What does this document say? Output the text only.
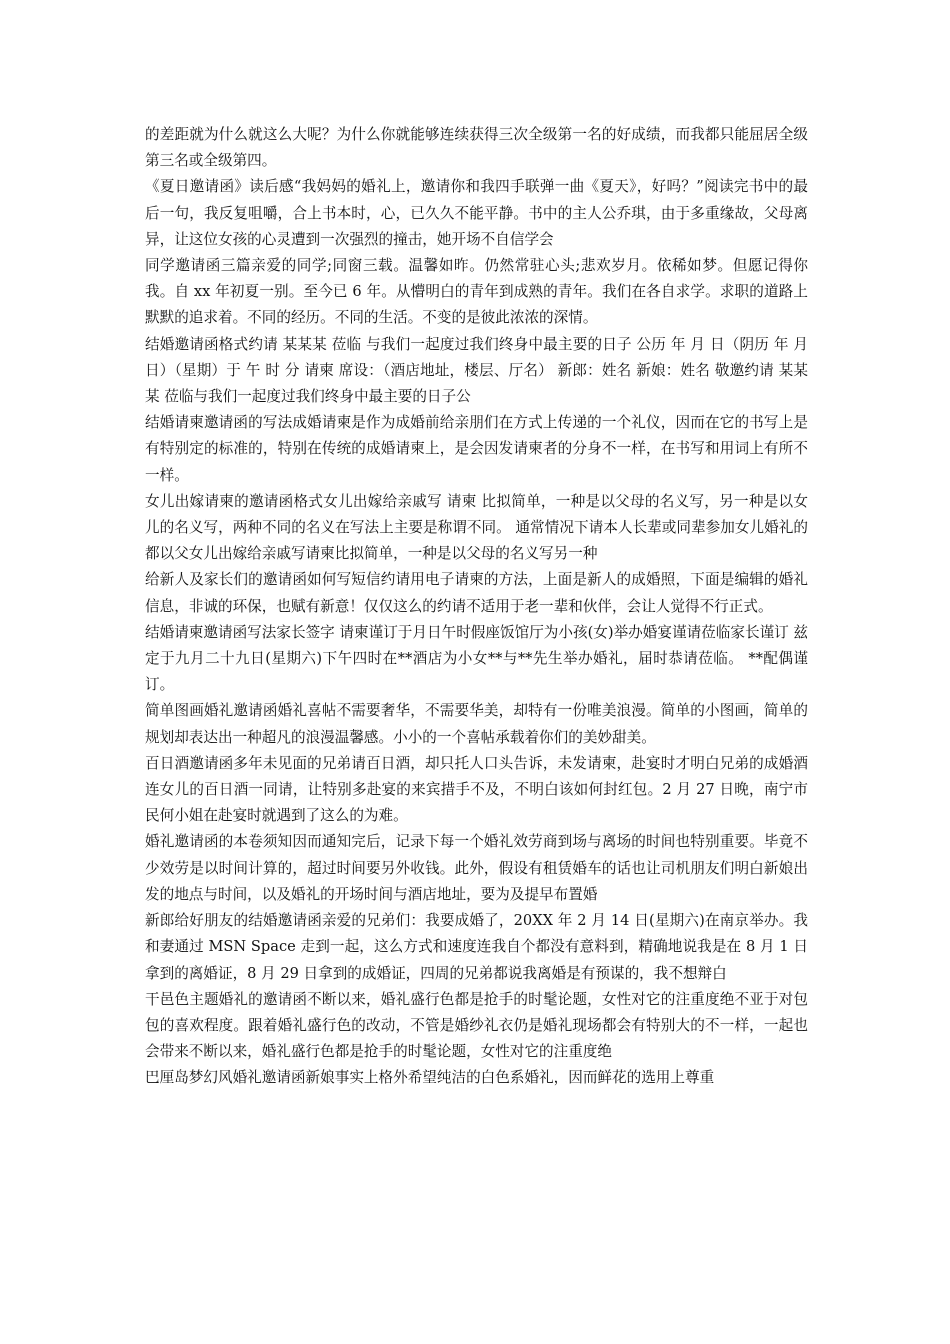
的差距就为什么就这么大呢？为什么你就能够连续获得三次全级第一名的好成绩，而我都只能屈居全级第三名或全级第四。

《夏日邀请函》读后感“我妈妈的婚礼上，邀请你和我四手联弹一曲《夏天》，好吗？”阅读完书中的最后一句，我反复咀嚼，合上书本时，心，已久久不能平静。书中的主人公乔琪，由于多重缘故，父母离异，让这位女孩的心灵遭到一次强烈的撞击，她开场不自信学会

同学邀请函三篇亲爱的同学;同窗三载。温馨如昨。仍然常驻心头;悲欢岁月。依稀如梦。但愿记得你我。自 xx 年初夏一别。至今已 6 年。从懵明白的青年到成熟的青年。我们在各自求学。求职的道路上默默的追求着。不同的经历。不同的生活。不变的是彼此浓浓的深情。

结婚邀请函格式约请 某某某 莅临 与我们一起度过我们终身中最主要的日子 公历 年 月 日（阴历 年 月 日）（星期）于 午 时 分 请柬 席设：（酒店地址，楼层、厅名） 新郎：姓名 新娘：姓名 敬邀约请 某某某 莅临与我们一起度过我们终身中最主要的日子公

结婚请柬邀请函的写法成婚请柬是作为成婚前给亲朋们在方式上传递的一个礼仪，因而在它的书写上是有特别定的标准的，特别在传统的成婚请柬上，是会因发请柬者的分身不一样，在书写和用词上有所不一样。

女儿出嫁请柬的邀请函格式女儿出嫁给亲戚写 请柬 比拟简单，一种是以父母的名义写，另一种是以女儿的名义写，两种不同的名义在写法上主要是称谓不同。 通常情况下请本人长辈或同辈参加女儿婚礼的都以父女儿出嫁给亲戚写请柬比拟简单，一种是以父母的名义写另一种

给新人及家长们的邀请函如何写短信约请用电子请柬的方法，上面是新人的成婚照，下面是编辑的婚礼信息，非诚的环保，也赋有新意！仅仅这么的约请不适用于老一辈和伙伴，会让人觉得不行正式。

结婚请柬邀请函写法家长签字 请柬谨订于月日午时假座饭馆厅为小孩(女)举办婚宴谨请莅临家长谨订 兹定于九月二十九日(星期六)下午四时在**酒店为小女**与**先生举办婚礼，届时恭请莅临。 **配偶谨订。

简单图画婚礼邀请函婚礼喜帖不需要奢华，不需要华美，却特有一份唯美浪漫。简单的小图画，简单的规划却表达出一种超凡的浪漫温馨感。小小的一个喜帖承载着你们的美妙甜美。

百日酒邀请函多年未见面的兄弟请百日酒，却只托人口头告诉，未发请柬，赴宴时才明白兄弟的成婚酒连女儿的百日酒一同请，让特别多赴宴的来宾措手不及，不明白该如何封红包。2 月 27 日晚，南宁市民何小姐在赴宴时就遇到了这么的为难。

婚礼邀请函的本卷须知因而通知完后，记录下每一个婚礼效劳商到场与离场的时间也特别重要。毕竟不少效劳是以时间计算的，超过时间要另外收钱。此外，假设有租赁婚车的话也让司机朋友们明白新娘出发的地点与时间，以及婚礼的开场时间与酒店地址，要为及提早布置婚

新郎给好朋友的结婚邀请函亲爱的兄弟们：我要成婚了，20XX 年 2 月 14 日(星期六)在南京举办。我和妻通过 MSN Space 走到一起，这么方式和速度连我自个都没有意料到，精确地说我是在 8 月 1 日拿到的离婚证，8 月 29 日拿到的成婚证，四周的兄弟都说我离婚是有预谋的，我不想辩白

干邑色主题婚礼的邀请函不断以来，婚礼盛行色都是抢手的时髦论题，女性对它的注重度绝不亚于对包包的喜欢程度。跟着婚礼盛行色的改动，不管是婚纱礼衣仍是婚礼现场都会有特别大的不一样，一起也会带来不断以来，婚礼盛行色都是抢手的时髦论题，女性对它的注重度绝

巴厘岛梦幻风婚礼邀请函新娘事实上格外希望纯洁的白色系婚礼，因而鲜花的选用上尊重
